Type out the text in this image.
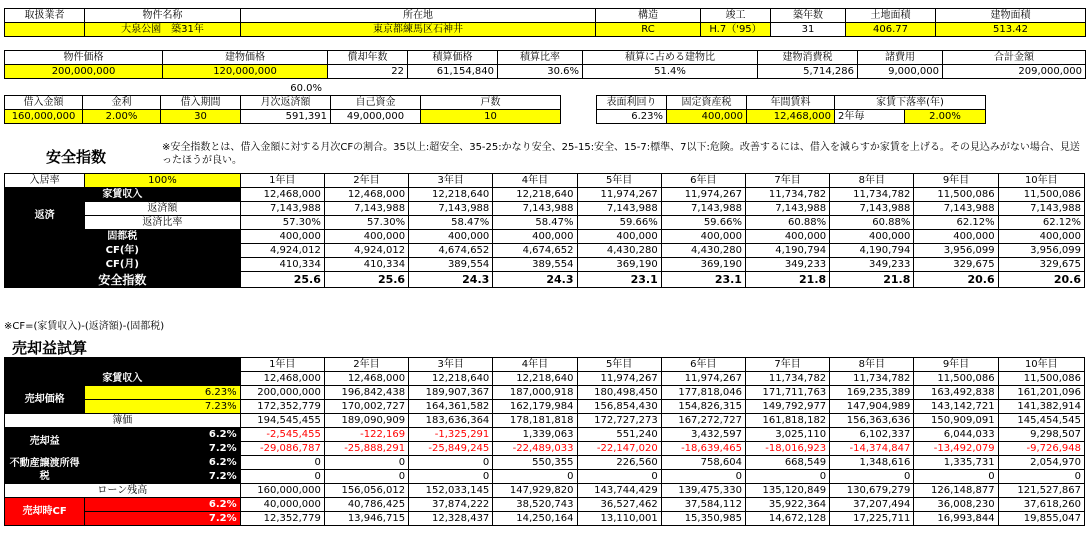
取扱業者	物件名称	所在地	構造	竣工	築年数	土地面積	建物面積
	大泉公園　築31年	東京都練馬区石神井	RC	H.7（'95）	31	406.77	513.42
物件価格	建物価格	償却年数	積算価格	積算比率	積算に占める建物比	建物消費税	諸費用	合計金額
200,000,000	120,000,000	22	61,154,840	30.6%	51.4%	5,714,286	9,000,000	209,000,000
借入金額	金利	借入期間	月次返済額	自己資金	戸数
160,000,000	2.00%	30	591,391	49,000,000	10
60.0%
表面利回り	固定資産税	年間賃料	家賃下落率(年)	
6.23%	400,000	12,468,000	2年毎	2.00%
安全指数
※安全指数とは、借入金額に対する月次CFの割合。35以上:超安全、35-25:かなり安全、25-15:安全、15-7:標準、7以下:危険。改善するには、借入を減らすか家賃を上げる。その見込みがない場合、見送ったほうが良い。
入居率	100%	1年目	2年目	3年目	4年目	5年目	6年目	7年目	8年目	9年目	10年目
家賃収入		12,468,000	12,468,000	12,218,640	12,218,640	11,974,267	11,974,267	11,734,782	11,734,782	11,500,086	11,500,086
返済	返済額	7,143,988	7,143,988	7,143,988	7,143,988	7,143,988	7,143,988	7,143,988	7,143,988	7,143,988	7,143,988
	返済比率	57.30%	57.30%	58.47%	58.47%	59.66%	59.66%	60.88%	60.88%	62.12%	62.12%
固都税		400,000	400,000	400,000	400,000	400,000	400,000	400,000	400,000	400,000	400,000
CF(年)		4,924,012	4,924,012	4,674,652	4,674,652	4,430,280	4,430,280	4,190,794	4,190,794	3,956,099	3,956,099
CF(月)		410,334	410,334	389,554	389,554	369,190	369,190	349,233	349,233	329,675	329,675
安全指数		25.6	25.6	24.3	24.3	23.1	23.1	21.8	21.8	20.6	20.6
※CF=(家賃収入)-(返済額)-(固都税)
売却益試算
		1年目	2年目	3年目	4年目	5年目	6年目	7年目	8年目	9年目	10年目
家賃収入		12,468,000	12,468,000	12,218,640	12,218,640	11,974,267	11,974,267	11,734,782	11,734,782	11,500,086	11,500,086
売却価格	6.23%	200,000,000	196,842,438	189,907,367	187,000,918	180,498,450	177,818,046	171,711,763	169,235,389	163,492,838	161,201,096
	7.23%	172,352,779	170,002,727	164,361,582	162,179,984	156,854,430	154,826,315	149,792,977	147,904,989	143,142,721	141,382,914
簿価		194,545,455	189,090,909	183,636,364	178,181,818	172,727,273	167,272,727	161,818,182	156,363,636	150,909,091	145,454,545
売却益	6.2%	-2,545,455	-122,169	-1,325,291	1,339,063	551,240	3,432,597	3,025,110	6,102,337	6,044,033	9,298,507
	7.2%	-29,086,787	-25,888,291	-25,849,245	-22,489,033	-22,147,020	-18,639,465	-18,016,923	-14,374,847	-13,492,079	-9,726,948
不動産譲渡所得税	6.2%	0	0	0	550,355	226,560	758,604	668,549	1,348,616	1,335,731	2,054,970
	7.2%	0	0	0	0	0	0	0	0	0	0
ローン残高		160,000,000	156,056,012	152,033,145	147,929,820	143,744,429	139,475,330	135,120,849	130,679,279	126,148,877	121,527,867
売却時CF	6.2%	40,000,000	40,786,425	37,874,222	38,520,743	36,527,462	37,584,112	35,922,364	37,207,494	36,008,230	37,618,260
	7.2%	12,352,779	13,946,715	12,328,437	14,250,164	13,110,001	15,350,985	14,672,128	17,225,711	16,993,844	19,855,047
